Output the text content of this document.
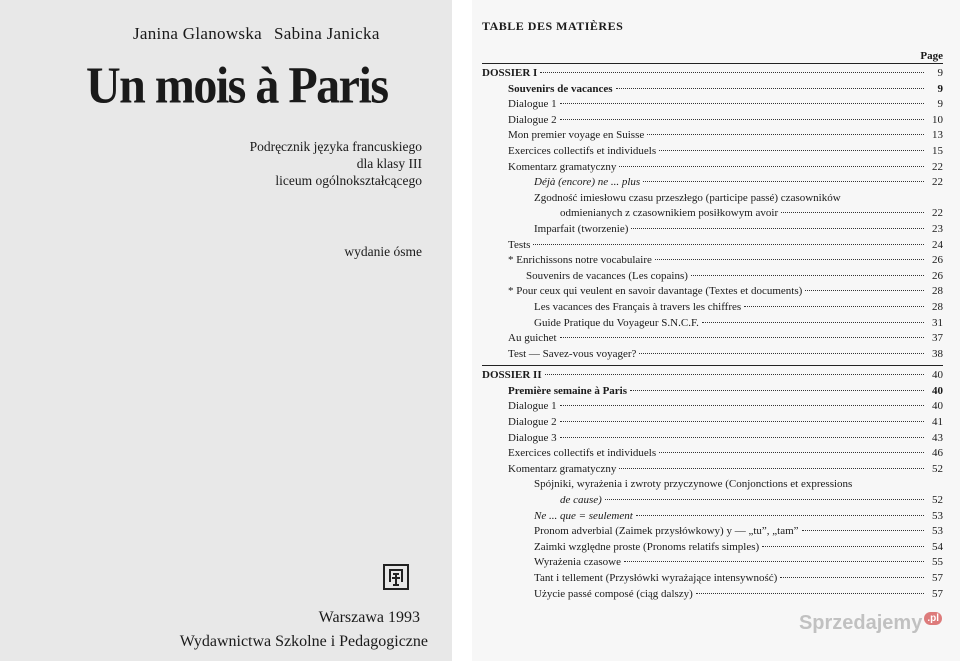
Janina Glanowska Sabina Janicka
Un mois à Paris
Podręcznik języka francuskiego
dla klasy III
liceum ogólnokształcącego
wydanie ósme
Warszawa 1993
Wydawnictwa Szkolne i Pedagogiczne
TABLE DES MATIÈRES
Page
DOSSIER I	9
Souvenirs de vacances	9
Dialogue 1	9
Dialogue 2	10
Mon premier voyage en Suisse	13
Exercices collectifs et individuels	15
Komentarz gramatyczny	22
Déjà (encore) ne ... plus	22
Zgodność imiesłowu czasu przeszłego (participe passé) czasowników
odmienianych z czasownikiem posiłkowym avoir	22
Imparfait (tworzenie)	23
Tests	24
* Enrichissons notre vocabulaire	26
Souvenirs de vacances (Les copains)	26
* Pour ceux qui veulent en savoir davantage (Textes et documents)	28
Les vacances des Français à travers les chiffres	28
Guide Pratique du Voyageur S.N.C.F.	31
Au guichet	37
Test — Savez-vous voyager?	38
DOSSIER II	40
Première semaine à Paris	40
Dialogue 1	40
Dialogue 2	41
Dialogue 3	43
Exercices collectifs et individuels	46
Komentarz gramatyczny	52
Spójniki, wyrażenia i zwroty przyczynowe (Conjonctions et expressions
de cause)	52
Ne ... que = seulement	53
Pronom adverbial (Zaimek przysłówkowy) y — „tu”, „tam”	53
Zaimki względne proste (Pronoms relatifs simples)	54
Wyrażenia czasowe	55
Tant i tellement (Przysłówki wyrażające intensywność)	57
Użycie passé composé (ciąg dalszy)	57
Sprzedajemy .pl
